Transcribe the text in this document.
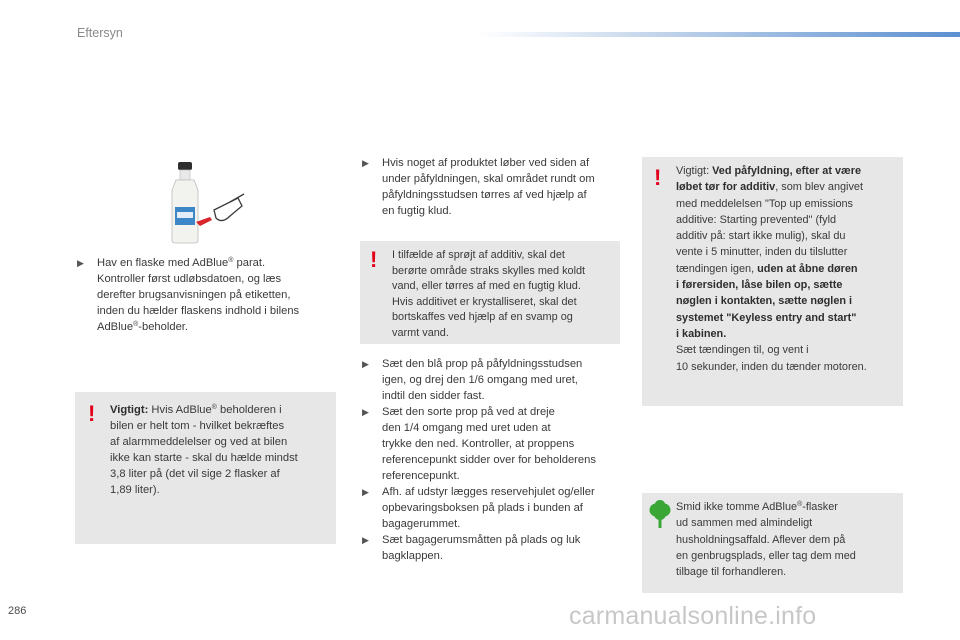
Eftersyn
▶	Hav en flaske med AdBlue® parat.
Kontroller først udløbsdatoen, og læs
derefter brugsanvisningen på etiketten,
inden du hælder flaskens indhold i bilens
AdBlue®-beholder.
! Vigtigt: Hvis AdBlue® beholderen i
bilen er helt tom - hvilket bekræftes
af alarmmeddelelser og ved at bilen
ikke kan starte - skal du hælde mindst
3,8 liter på (det vil sige 2 flasker af
1,89 liter).
▶	Hvis noget af produktet løber ved siden af
under påfyldningen, skal området rundt om
påfyldningsstudsen tørres af ved hjælp af
en fugtig klud.
! I tilfælde af sprøjt af additiv, skal det
berørte område straks skylles med koldt
vand, eller tørres af med en fugtig klud.
Hvis additivet er krystalliseret, skal det
bortskaffes ved hjælp af en svamp og
varmt vand.
▶	Sæt den blå prop på påfyldningsstudsen
igen, og drej den 1/6 omgang med uret,
indtil den sidder fast.
▶	Sæt den sorte prop på ved at dreje
den 1/4 omgang med uret uden at
trykke den ned. Kontroller, at proppens
referencepunkt sidder over for beholderens
referencepunkt.
▶	Afh. af udstyr lægges reservehjulet og/eller
opbevaringsboksen på plads i bunden af
bagagerummet.
▶	Sæt bagagerumsmåtten på plads og luk
bagklappen.
! Vigtigt: Ved påfyldning, efter at være
løbet tør for additiv, som blev angivet
med meddelelsen "Top up emissions
additive: Starting prevented" (fyld
additiv på: start ikke mulig), skal du
vente i 5 minutter, inden du tilslutter
tændingen igen, uden at åbne døren
i førersiden, låse bilen op, sætte
nøglen i kontakten, sætte nøglen i
systemet "Keyless entry and start"
i kabinen.
Sæt tændingen til, og vent i
10 sekunder, inden du tænder motoren.
Smid ikke tomme AdBlue®-flasker
ud sammen med almindeligt
husholdningsaffald. Aflever dem på
en genbrugsplads, eller tag dem med
tilbage til forhandleren.
286	carmanualsonline.info
